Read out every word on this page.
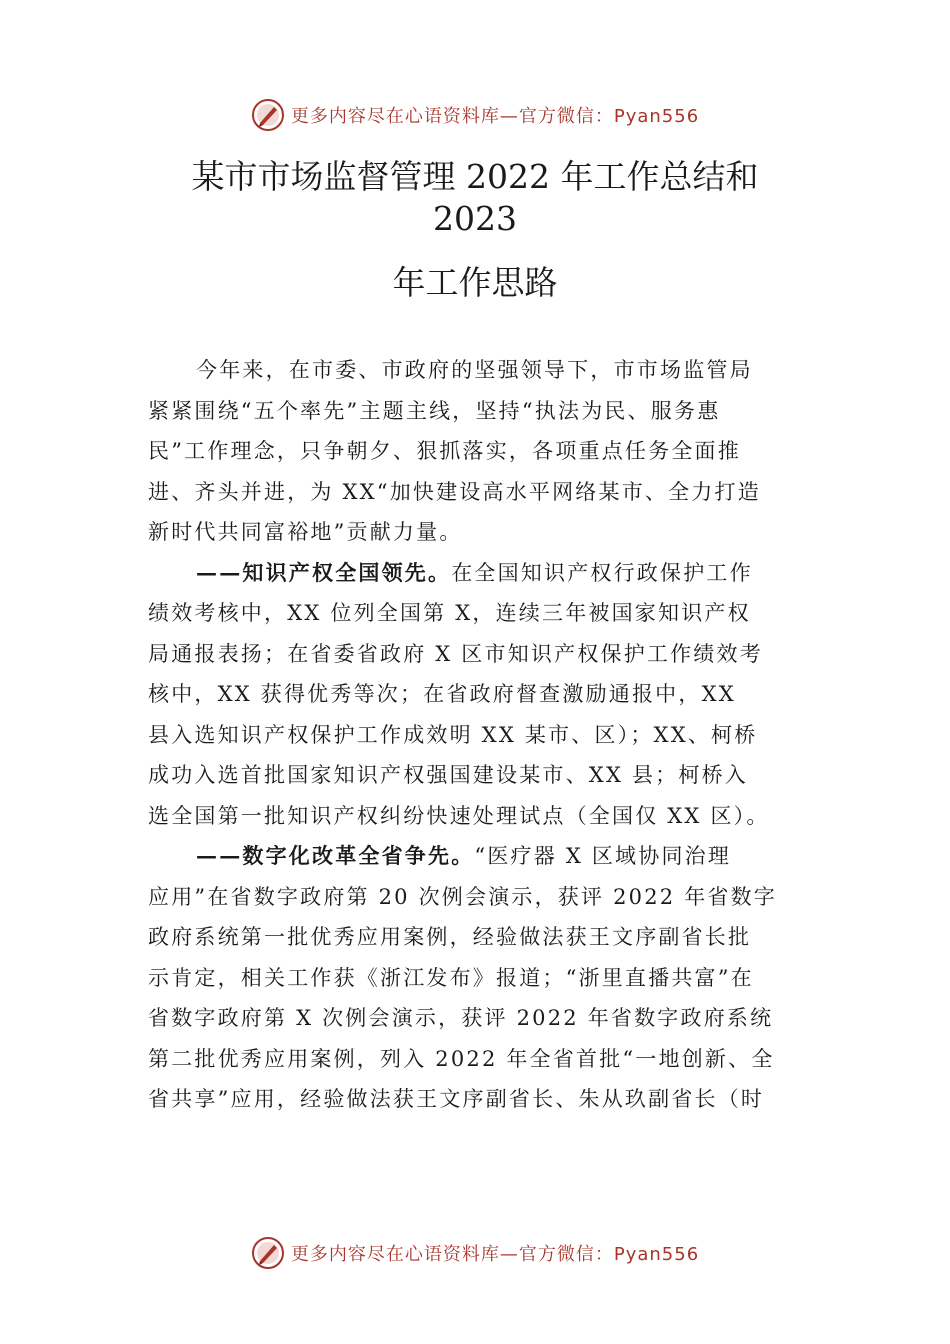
更多内容尽在心语资料库—官方微信：Pyan556
某市市场监督管理 2022 年工作总结和
2023
年工作思路
今年来，在市委、市政府的坚强领导下，市市场监管局
紧紧围绕“五个率先”主题主线，坚持“执法为民、服务惠
民”工作理念，只争朝夕、狠抓落实，各项重点任务全面推
进、齐头并进，为 XX“加快建设高水平网络某市、全力打造
新时代共同富裕地”贡献力量。
——知识产权全国领先。在全国知识产权行政保护工作
绩效考核中，XX 位列全国第 X，连续三年被国家知识产权
局通报表扬；在省委省政府 X 区市知识产权保护工作绩效考
核中，XX 获得优秀等次；在省政府督查激励通报中，XX
县入选知识产权保护工作成效明 XX 某市、区）；XX、柯桥
成功入选首批国家知识产权强国建设某市、XX 县；柯桥入
选全国第一批知识产权纠纷快速处理试点（全国仅 XX 区）。
——数字化改革全省争先。“医疗器 X 区域协同治理
应用”在省数字政府第 20 次例会演示，获评 2022 年省数字
政府系统第一批优秀应用案例，经验做法获王文序副省长批
示肯定，相关工作获《浙江发布》报道；“浙里直播共富”在
省数字政府第 X 次例会演示，获评 2022 年省数字政府系统
第二批优秀应用案例，列入 2022 年全省首批“一地创新、全
省共享”应用，经验做法获王文序副省长、朱从玖副省长（时
更多内容尽在心语资料库—官方微信：Pyan556
